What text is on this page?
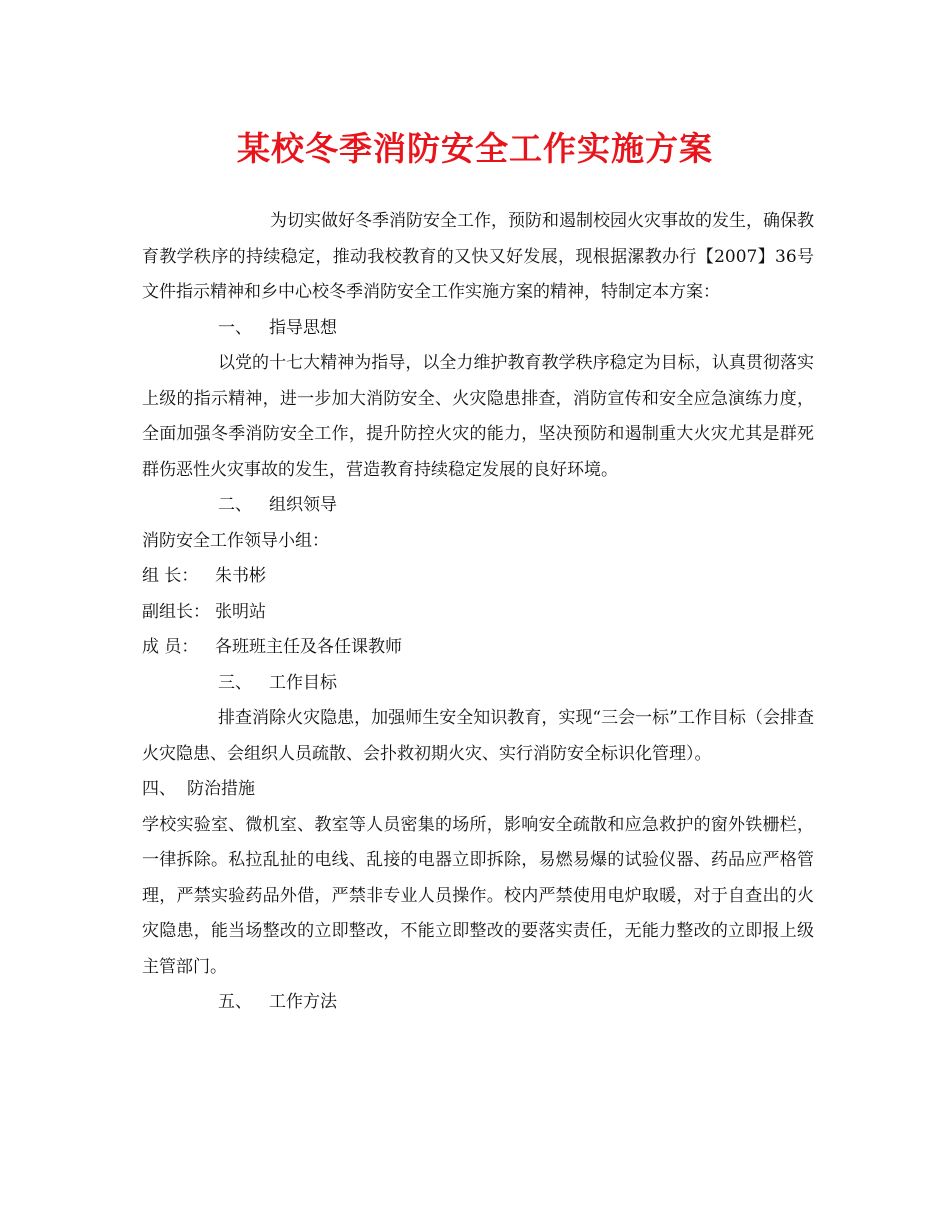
某校冬季消防安全工作实施方案

为切实做好冬季消防安全工作，预防和遏制校园火灾事故的发生，确保教育教学秩序的持续稳定，推动我校教育的又快又好发展，现根据漯教办行【2007】36号文件指示精神和乡中心校冬季消防安全工作实施方案的精神，特制定本方案：

一、 指导思想

以党的十七大精神为指导，以全力维护教育教学秩序稳定为目标，认真贯彻落实上级的指示精神，进一步加大消防安全、火灾隐患排查，消防宣传和安全应急演练力度，全面加强冬季消防安全工作，提升防控火灾的能力，坚决预防和遏制重大火灾尤其是群死群伤恶性火灾事故的发生，营造教育持续稳定发展的良好环境。

二、 组织领导

消防安全工作领导小组：

组 长： 朱书彬

副组长： 张明站

成 员： 各班班主任及各任课教师

三、 工作目标

排查消除火灾隐患，加强师生安全知识教育，实现“三会一标”工作目标（会排查火灾隐患、会组织人员疏散、会扑救初期火灾、实行消防安全标识化管理）。

四、 防治措施

学校实验室、微机室、教室等人员密集的场所，影响安全疏散和应急救护的窗外铁栅栏，一律拆除。私拉乱扯的电线、乱接的电器立即拆除，易燃易爆的试验仪器、药品应严格管理，严禁实验药品外借，严禁非专业人员操作。校内严禁使用电炉取暖，对于自查出的火灾隐患，能当场整改的立即整改，不能立即整改的要落实责任，无能力整改的立即报上级主管部门。

五、 工作方法
